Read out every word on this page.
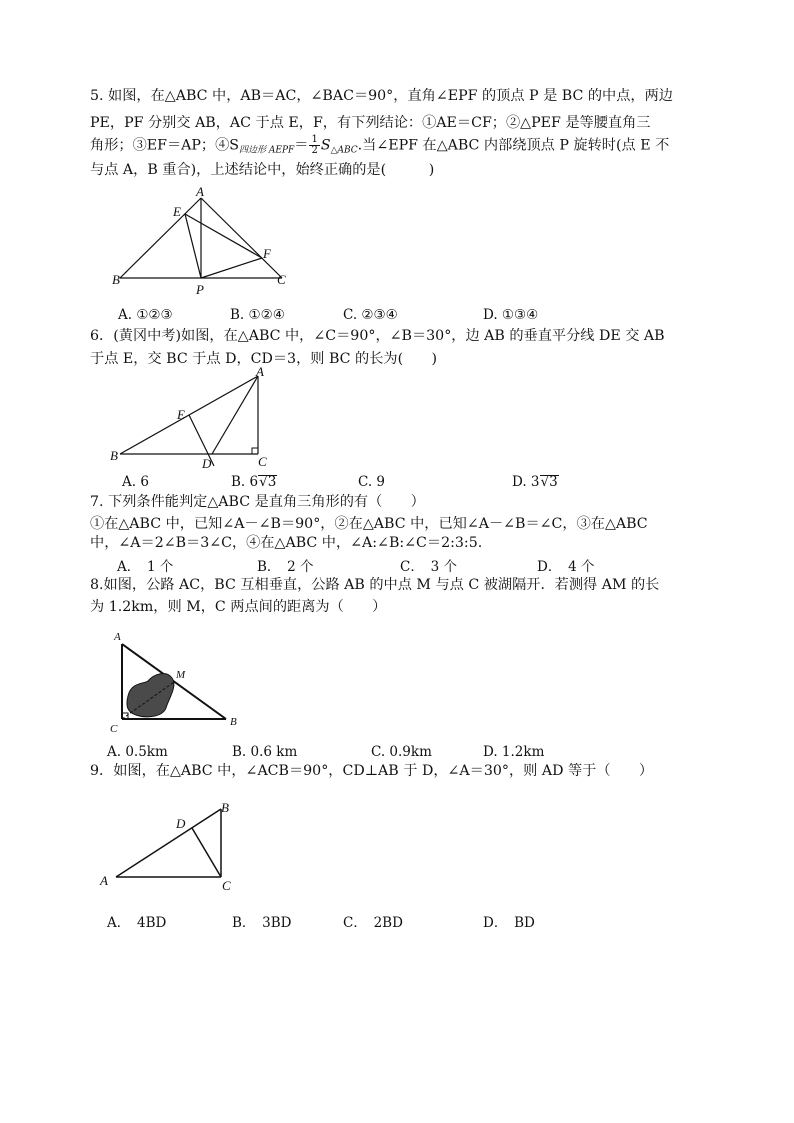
5. 如图，在△ABC 中，AB＝AC，∠BAC＝90°，直角∠EPF 的顶点 P 是 BC 的中点，两边
PE，PF 分别交 AB，AC 于点 E，F，有下列结论：①AE＝CF；②△PEF 是等腰直角三
角形；③EF＝AP；$④S_{四边形 AEPF}= \frac{1}{2} S_{\triangle ABC}$.当∠EPF 在△ABC 内部绕顶点 P 旋转时(点 E 不
与点 A，B 重合)，上述结论中，始终正确的是(　　　)
A
E
F
B
P
C
A. ①②③	B. ①②④	C. ②③④	D. ①③④
6．(黄冈中考)如图，在△ABC 中，∠C＝90°，∠B＝30°，边 AB 的垂直平分线 DE 交 AB
于点 E，交 BC 于点 D，CD＝3，则 BC 的长为(　　)
A
E
B
D	C
A. 6	B. 6√3	C. 9	D. 3√3
7. 下列条件能判定△ABC 是直角三角形的有（　　）
①在△ABC 中，已知∠A－∠B＝90°，②在△ABC 中，已知∠A－∠B＝∠C，③在△ABC
中，∠A＝2∠B＝3∠C，④在△ABC 中，∠A:∠B:∠C＝2:3:5.
A．　1 个	B．　2 个	C．　3 个	D．　4 个
8.如图，公路 AC，BC 互相垂直，公路 AB 的中点 M 与点 C 被湖隔开．若测得 AM 的长
为 1.2km，则 M，C 两点间的距离为（　　）
A
M
C
B
A. 0.5km	B. 0.6 km	C. 0.9km	D. 1.2km
9．如图，在△ABC 中，∠ACB＝90°，CD⊥AB 于 D，∠A＝30°，则 AD 等于（　　）
A
D
B
C
A．　4BD	B．　3BD	C．　2BD	D．　BD
